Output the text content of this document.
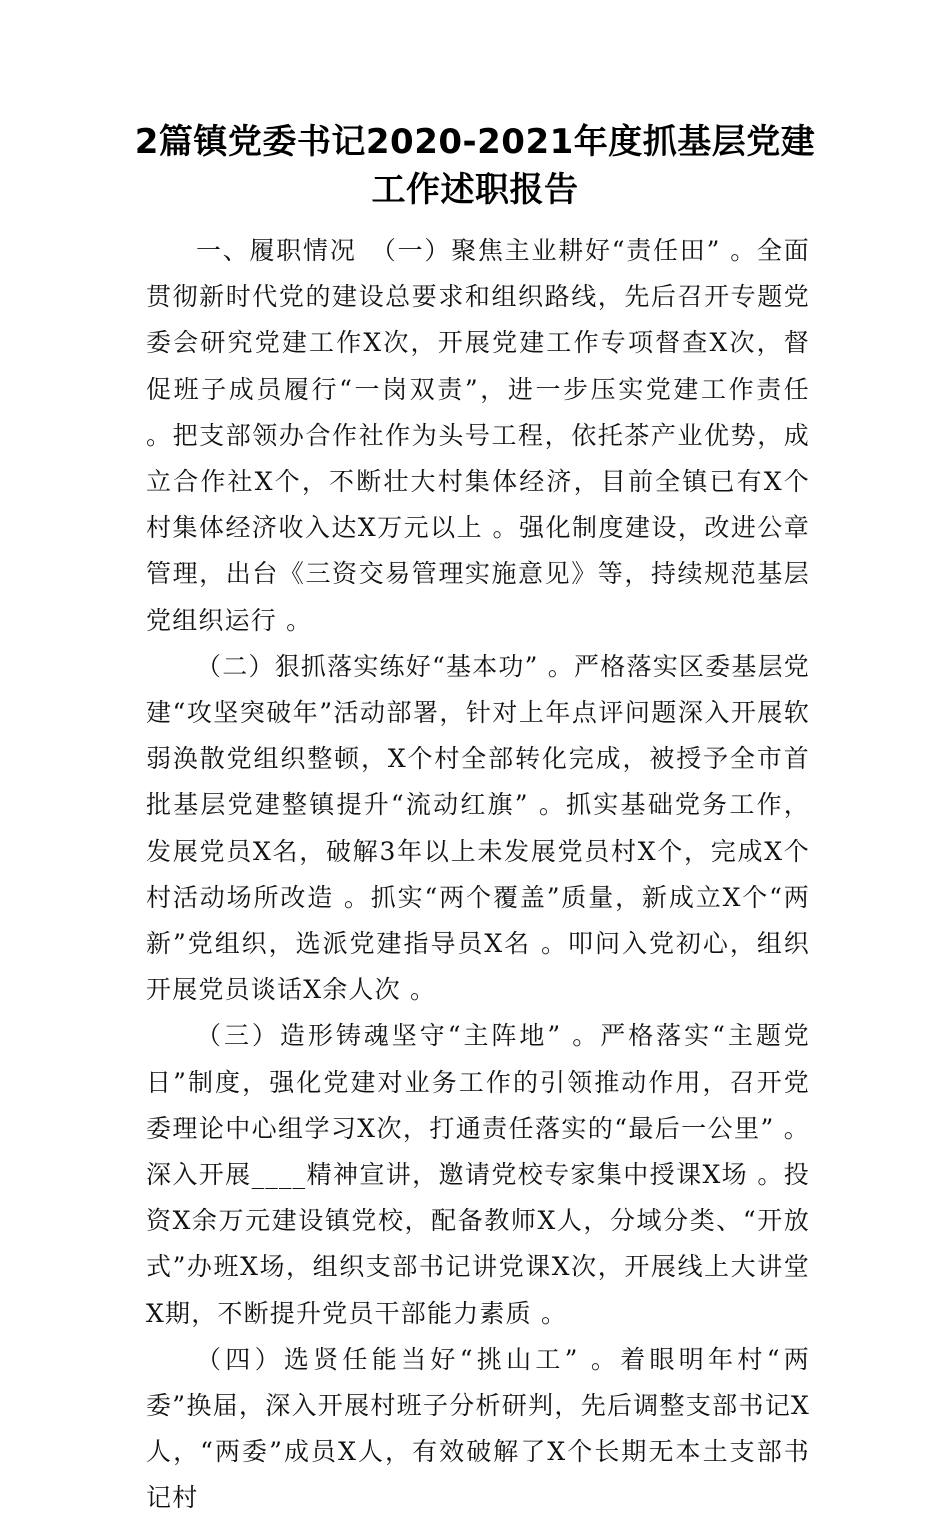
2篇镇党委书记2020-2021年度抓基层党建工作述职报告

一、履职情况　（一）聚焦主业耕好“责任田” 。全面贯彻新时代党的建设总要求和组织路线，先后召开专题党委会研究党建工作X次，开展党建工作专项督查X次，督促班子成员履行“一岗双责”，进一步压实党建工作责任 。把支部领办合作社作为头号工程，依托茶产业优势，成立合作社X个，不断壮大村集体经济，目前全镇已有X个村集体经济收入达X万元以上 。强化制度建设，改进公章管理，出台《三资交易管理实施意见》等，持续规范基层党组织运行 。

（二）狠抓落实练好“基本功” 。严格落实区委基层党建“攻坚突破年”活动部署，针对上年点评问题深入开展软弱涣散党组织整顿，X个村全部转化完成，被授予全市首批基层党建整镇提升“流动红旗” 。抓实基础党务工作，发展党员X名，破解3年以上未发展党员村X个，完成X个村活动场所改造 。抓实“两个覆盖”质量，新成立X个“两新”党组织，选派党建指导员X名 。叩问入党初心，组织开展党员谈话X余人次 。

（三）造形铸魂坚守“主阵地” 。严格落实“主题党日”制度，强化党建对业务工作的引领推动作用，召开党委理论中心组学习X次，打通责任落实的“最后一公里” 。深入开展____精神宣讲，邀请党校专家集中授课X场 。投资X余万元建设镇党校，配备教师X人，分域分类、“开放式”办班X场，组织支部书记讲党课X次，开展线上大讲堂X期，不断提升党员干部能力素质 。

（四）选贤任能当好“挑山工” 。着眼明年村“两委”换届，深入开展村班子分析研判，先后调整支部书记X人，“两委”成员X人，有效破解了X个长期无本土支部书记村
